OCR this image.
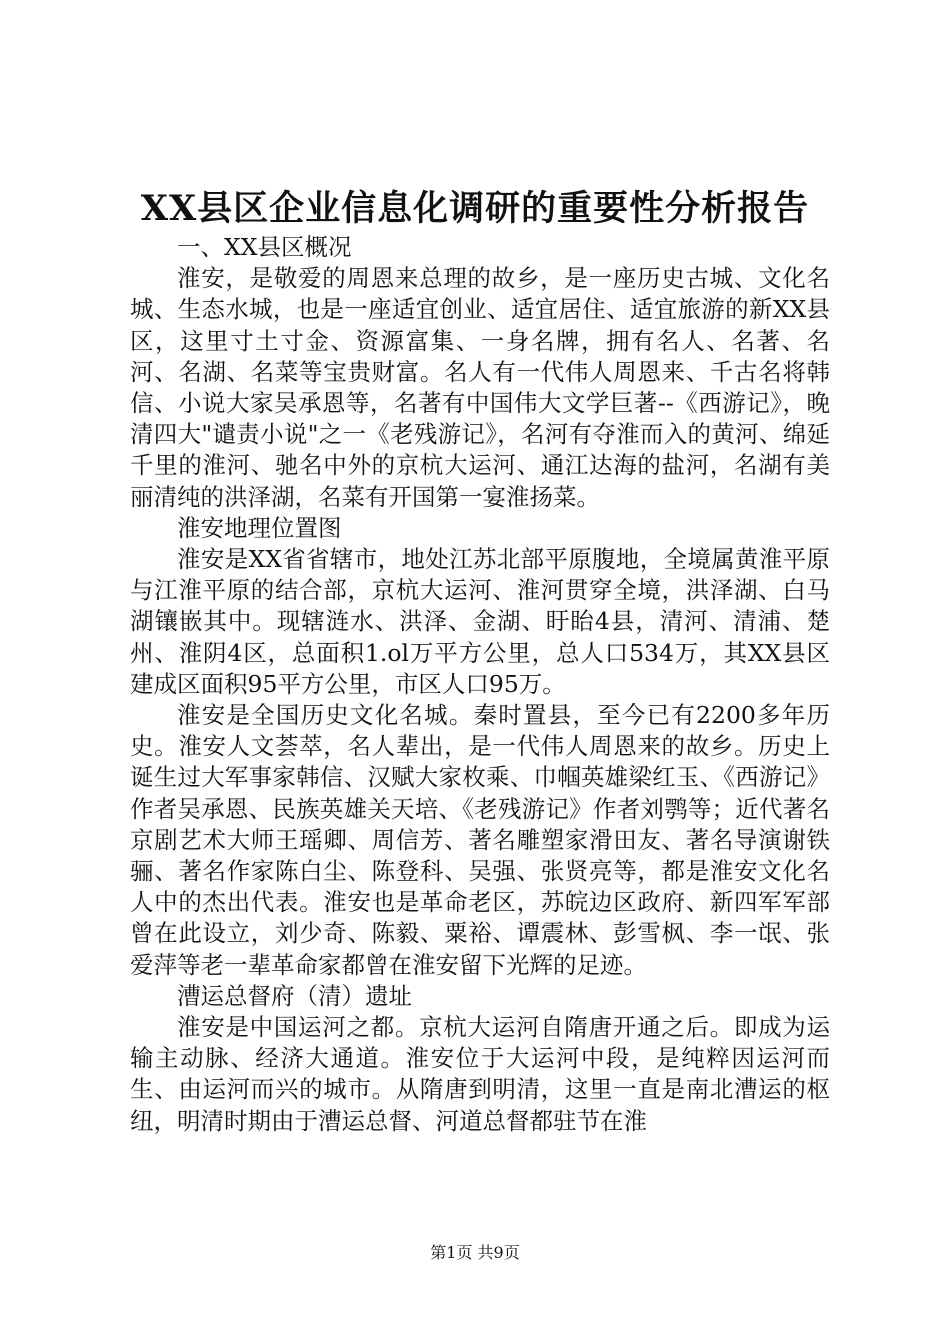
XX县区企业信息化调研的重要性分析报告

一、XX县区概况

淮安，是敬爱的周恩来总理的故乡，是一座历史古城、文化名城、生态水城，也是一座适宜创业、适宜居住、适宜旅游的新XX县区，这里寸土寸金、资源富集、一身名牌，拥有名人、名著、名河、名湖、名菜等宝贵财富。名人有一代伟人周恩来、千古名将韩信、小说大家吴承恩等，名著有中国伟大文学巨著--《西游记》，晚清四大"谴责小说"之一《老残游记》，名河有夺淮而入的黄河、绵延千里的淮河、驰名中外的京杭大运河、通江达海的盐河，名湖有美丽清纯的洪泽湖，名菜有开国第一宴淮扬菜。

淮安地理位置图

淮安是XX省省辖市，地处江苏北部平原腹地，全境属黄淮平原与江淮平原的结合部，京杭大运河、淮河贯穿全境，洪泽湖、白马湖镶嵌其中。现辖涟水、洪泽、金湖、盱眙4县，清河、清浦、楚州、淮阴4区，总面积1.ol万平方公里，总人口534万，其XX县区建成区面积95平方公里，市区人口95万。

淮安是全国历史文化名城。秦时置县，至今已有2200多年历史。淮安人文荟萃，名人辈出，是一代伟人周恩来的故乡。历史上诞生过大军事家韩信、汉赋大家枚乘、巾帼英雄梁红玉、《西游记》作者吴承恩、民族英雄关天培、《老残游记》作者刘鹗等；近代著名京剧艺术大师王瑶卿、周信芳、著名雕塑家滑田友、著名导演谢铁骊、著名作家陈白尘、陈登科、吴强、张贤亮等，都是淮安文化名人中的杰出代表。淮安也是革命老区，苏皖边区政府、新四军军部曾在此设立，刘少奇、陈毅、粟裕、谭震林、彭雪枫、李一氓、张爱萍等老一辈革命家都曾在淮安留下光辉的足迹。

漕运总督府（清）遗址

淮安是中国运河之都。京杭大运河自隋唐开通之后。即成为运输主动脉、经济大通道。淮安位于大运河中段，是纯粹因运河而生、由运河而兴的城市。从隋唐到明清，这里一直是南北漕运的枢纽，明清时期由于漕运总督、河道总督都驻节在淮

第1页 共9页
